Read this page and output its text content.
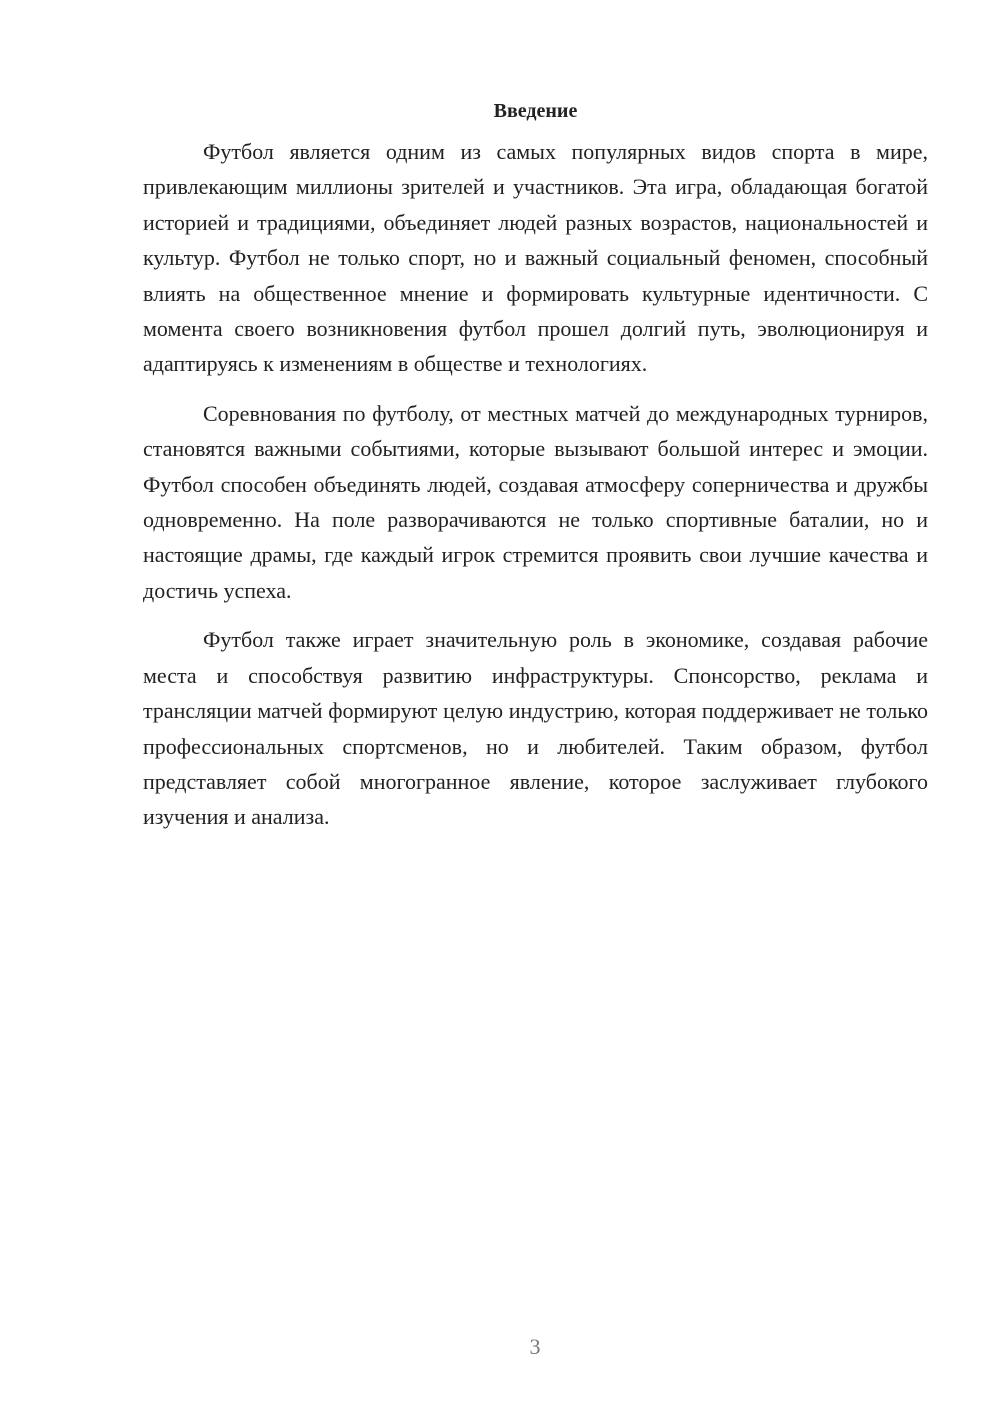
Введение

Футбол является одним из самых популярных видов спорта в мире, привлекающим миллионы зрителей и участников. Эта игра, обладающая богатой историей и традициями, объединяет людей разных возрастов, национальностей и культур. Футбол не только спорт, но и важный социальный феномен, способный влиять на общественное мнение и формировать культурные идентичности. С момента своего возникновения футбол прошел долгий путь, эволюционируя и адаптируясь к изменениям в обществе и технологиях.

Соревнования по футболу, от местных матчей до международных турниров, становятся важными событиями, которые вызывают большой интерес и эмоции. Футбол способен объединять людей, создавая атмосферу соперничества и дружбы одновременно. На поле разворачиваются не только спортивные баталии, но и настоящие драмы, где каждый игрок стремится проявить свои лучшие качества и достичь успеха.

Футбол также играет значительную роль в экономике, создавая рабочие места и способствуя развитию инфраструктуры. Спонсорство, реклама и трансляции матчей формируют целую индустрию, которая поддерживает не только профессиональных спортсменов, но и любителей. Таким образом, футбол представляет собой многогранное явление, которое заслуживает глубокого изучения и анализа.

3
